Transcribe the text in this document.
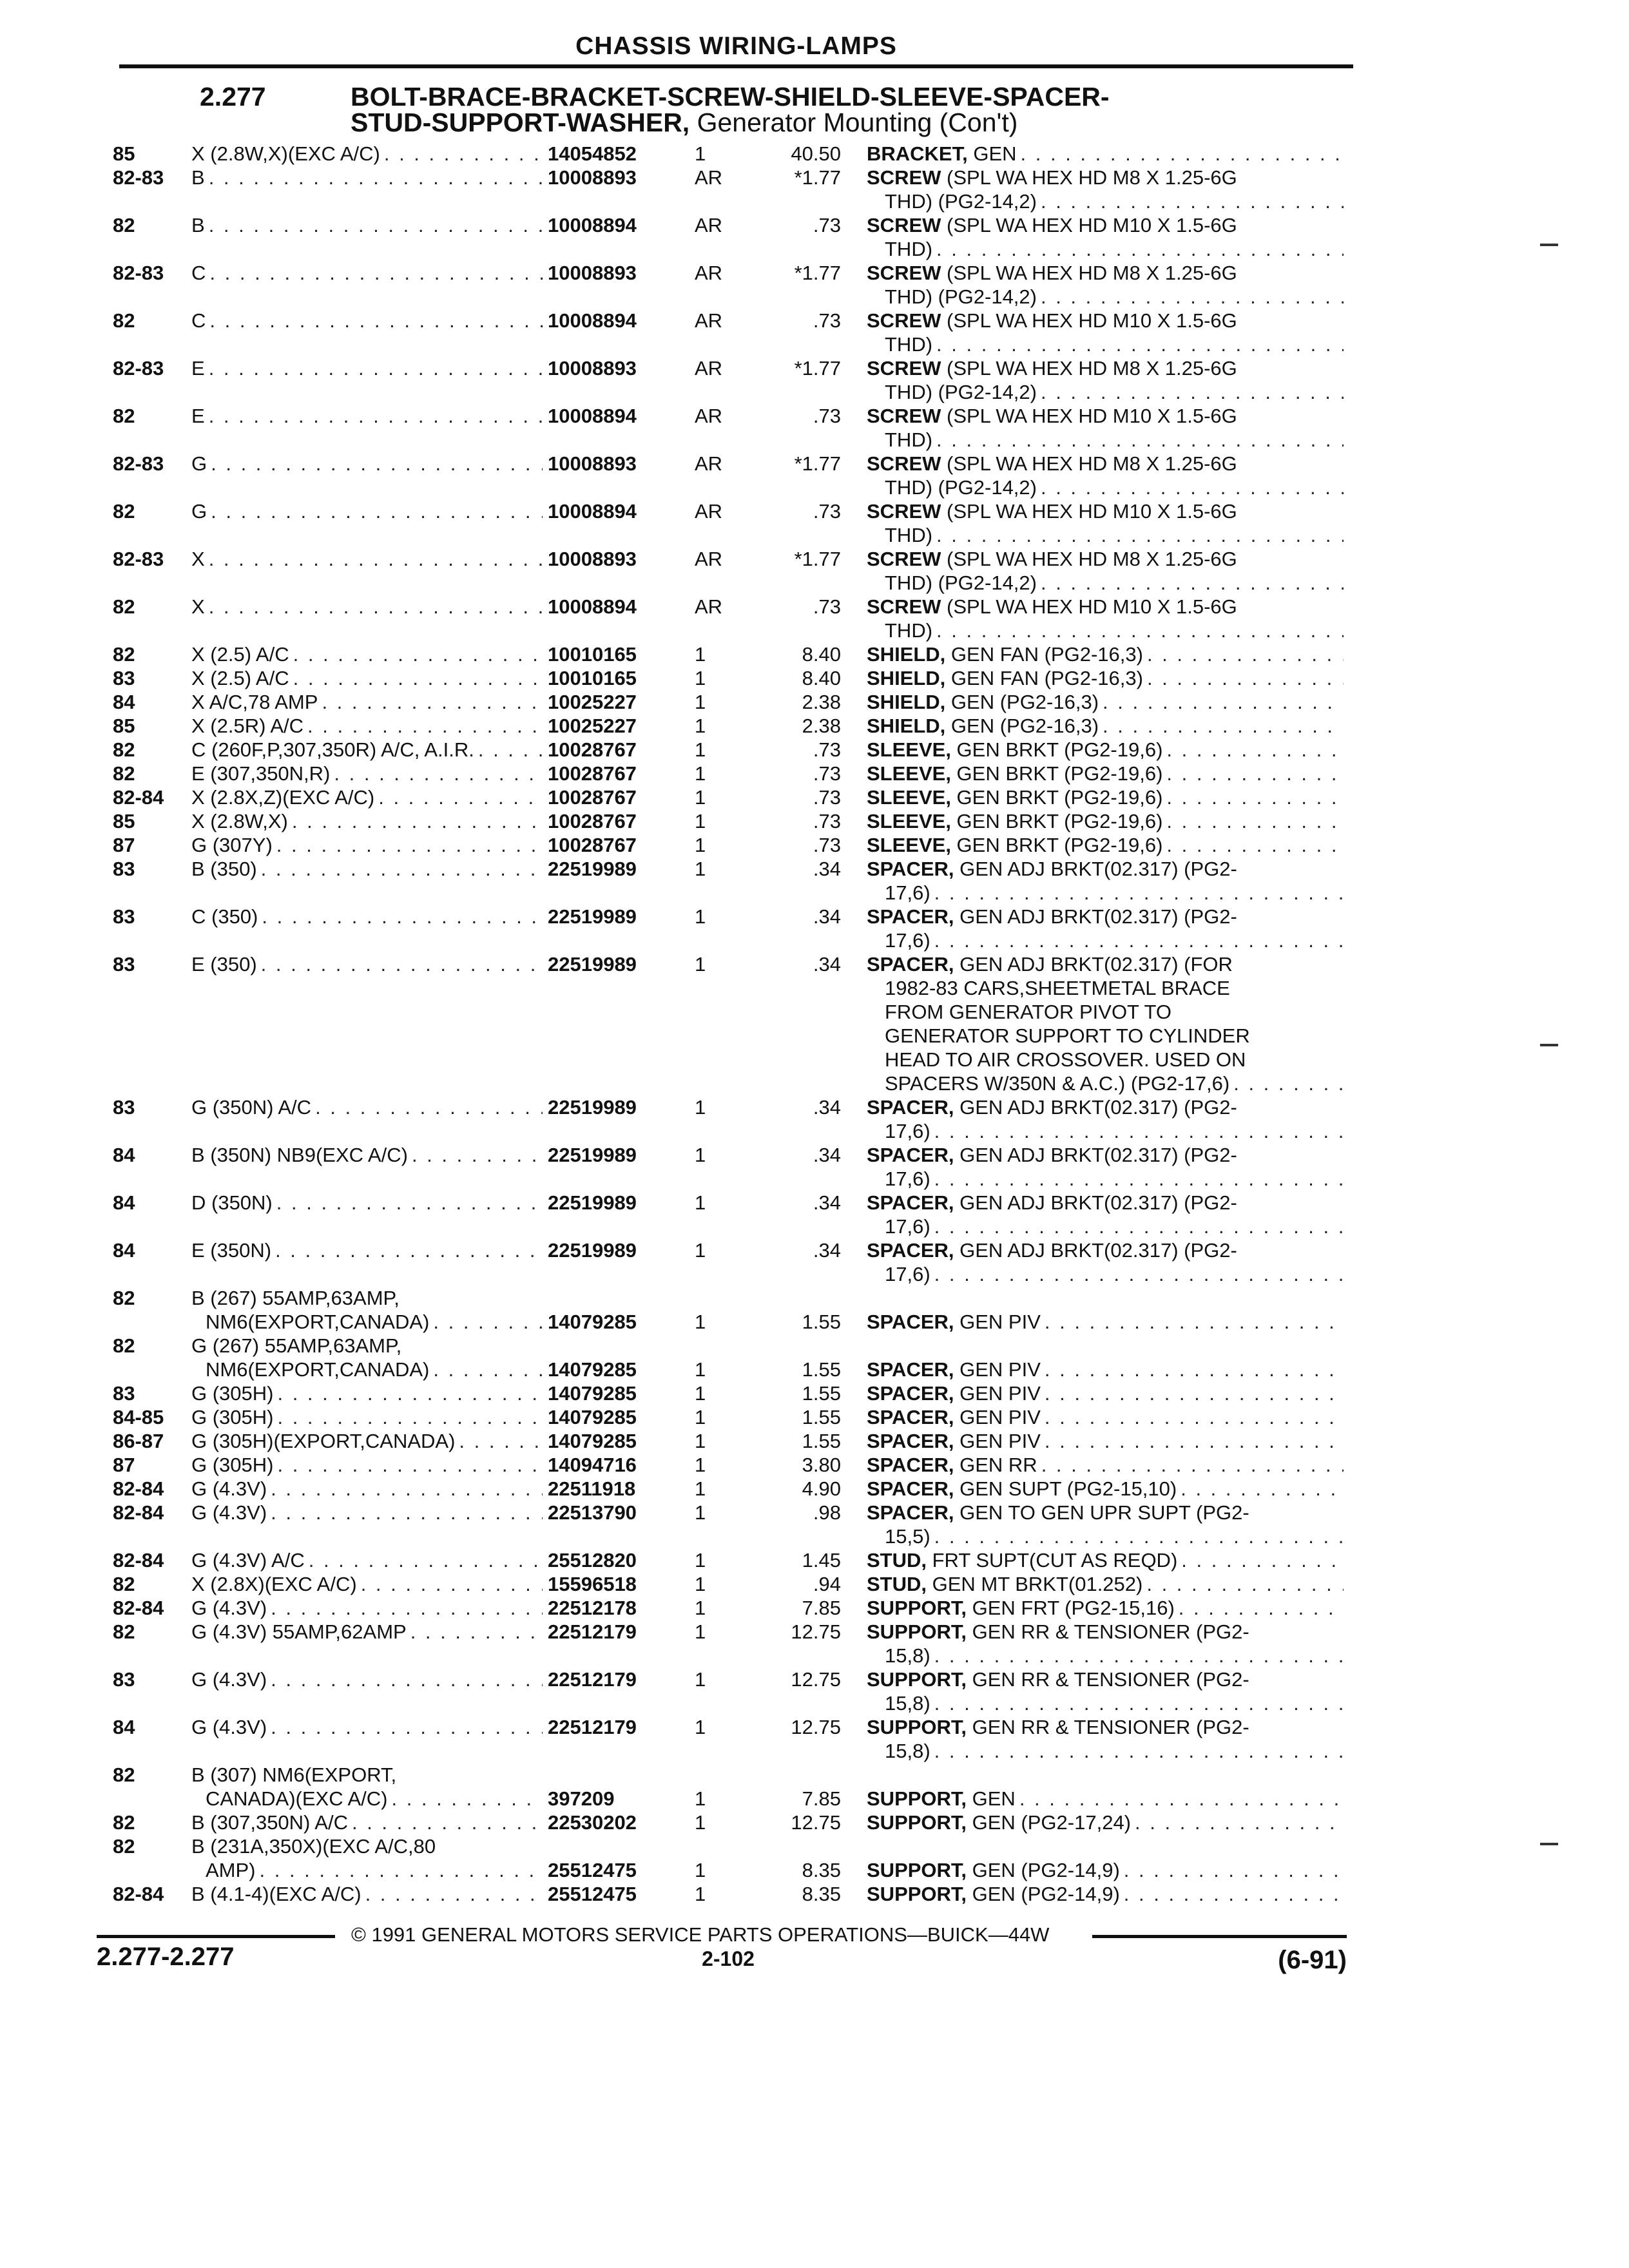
CHASSIS WIRING-LAMPS
2.277	BOLT-BRACE-BRACKET-SCREW-SHIELD-SLEEVE-SPACER-
STUD-SUPPORT-WASHER, Generator Mounting (Con't)
85	X (2.8W,X)(EXC A/C) . . .	14054852	1	40.50 BRACKET, GEN
. . .
82-83	B . . .	10008893	AR	*1.77 SCREW (SPL WA HEX HD M8 X 1.25-6G
THD) (PG2-14,2)
. . .
82	B . . .	10008894	AR	.73 SCREW (SPL WA HEX HD M10 X 1.5-6G
THD)
. . .
82-83	C . . .	10008893	AR	*1.77 SCREW (SPL WA HEX HD M8 X 1.25-6G
THD) (PG2-14,2)
. . .
82	C . . .	10008894	AR	.73 SCREW (SPL WA HEX HD M10 X 1.5-6G
THD)
. . .
82-83	E . . .	10008893	AR	*1.77 SCREW (SPL WA HEX HD M8 X 1.25-6G
THD) (PG2-14,2)
. . .
82	E . . .	10008894	AR	.73 SCREW (SPL WA HEX HD M10 X 1.5-6G
THD)
. . .
82-83	G . . .	10008893	AR	*1.77 SCREW (SPL WA HEX HD M8 X 1.25-6G
THD) (PG2-14,2)
. . .
82	G . . .	10008894	AR	.73 SCREW (SPL WA HEX HD M10 X 1.5-6G
THD)
. . .
82-83	X . . .	10008893	AR	*1.77 SCREW (SPL WA HEX HD M8 X 1.25-6G
THD) (PG2-14,2)
. . .
82	X . . .	10008894	AR	.73 SCREW (SPL WA HEX HD M10 X 1.5-6G
THD)
. . .
82	X (2.5) A/C . . .	10010165	1	8.40 SHIELD, GEN FAN (PG2-16,3)
. . .
83	X (2.5) A/C . . .	10010165	1	8.40 SHIELD, GEN FAN (PG2-16,3)
. . .
84	X A/C,78 AMP . . .	10025227	1	2.38 SHIELD, GEN (PG2-16,3)
. . .
85	X (2.5R) A/C . . .	10025227	1	2.38 SHIELD, GEN (PG2-16,3)
. . .
82	C (260F,P,307,350R) A/C, A.I.R. . . .	10028767	1	.73 SLEEVE, GEN BRKT (PG2-19,6)
. . .
82	E (307,350N,R) . . .	10028767	1	.73 SLEEVE, GEN BRKT (PG2-19,6)
. . .
82-84	X (2.8X,Z)(EXC A/C) . . .	10028767	1	.73 SLEEVE, GEN BRKT (PG2-19,6)
. . .
85	X (2.8W,X) . . .	10028767	1	.73 SLEEVE, GEN BRKT (PG2-19,6)
. . .
87	G (307Y) . . .	10028767	1	.73 SLEEVE, GEN BRKT (PG2-19,6)
. . .
83	B (350) . . .	22519989	1	.34 SPACER, GEN ADJ BRKT(02.317) (PG2-
17,6)
. . .
83	C (350) . . .	22519989	1	.34 SPACER, GEN ADJ BRKT(02.317) (PG2-
17,6)
. . .
83	E (350) . . .	22519989	1	.34 SPACER, GEN ADJ BRKT(02.317) (FOR
1982-83 CARS,SHEETMETAL BRACE
FROM GENERATOR PIVOT TO
GENERATOR SUPPORT TO CYLINDER
HEAD TO AIR CROSSOVER. USED ON
SPACERS W/350N & A.C.) (PG2-17,6)
. . .
83	G (350N) A/C . . .	22519989	1	.34 SPACER, GEN ADJ BRKT(02.317) (PG2-
17,6)
. . .
84	B (350N) NB9(EXC A/C) . . .	22519989	1	.34 SPACER, GEN ADJ BRKT(02.317) (PG2-
17,6)
. . .
84	D (350N) . . .	22519989	1	.34 SPACER, GEN ADJ BRKT(02.317) (PG2-
17,6)
. . .
84	E (350N) . . .	22519989	1	.34 SPACER, GEN ADJ BRKT(02.317) (PG2-
17,6)
. . .
82	B (267) 55AMP,63AMP,
NM6(EXPORT,CANADA) . . .	14079285	1	1.55 SPACER, GEN PIV
. . .
82	G (267) 55AMP,63AMP,
NM6(EXPORT,CANADA) . . .	14079285	1	1.55 SPACER, GEN PIV
. . .
83	G (305H) . . .	14079285	1	1.55 SPACER, GEN PIV
. . .
84-85	G (305H) . . .	14079285	1	1.55 SPACER, GEN PIV
. . .
86-87	G (305H)(EXPORT,CANADA) . . .	14079285	1	1.55 SPACER, GEN PIV
. . .
87	G (305H) . . .	14094716	1	3.80 SPACER, GEN RR
. . .
82-84	G (4.3V) . . .	22511918	1	4.90 SPACER, GEN SUPT (PG2-15,10)
. . .
82-84	G (4.3V) . . .	22513790	1	.98 SPACER, GEN TO GEN UPR SUPT (PG2-
15,5)
. . .
82-84	G (4.3V) A/C . . .	25512820	1	1.45 STUD, FRT SUPT(CUT AS REQD)
. . .
82	X (2.8X)(EXC A/C) . . .	15596518	1	.94 STUD, GEN MT BRKT(01.252)
. . .
82-84	G (4.3V) . . .	22512178	1	7.85 SUPPORT, GEN FRT (PG2-15,16)
. . .
82	G (4.3V) 55AMP,62AMP . . .	22512179	1	12.75 SUPPORT, GEN RR & TENSIONER (PG2-
15,8)
. . .
83	G (4.3V) . . .	22512179	1	12.75 SUPPORT, GEN RR & TENSIONER (PG2-
15,8)
. . .
84	G (4.3V) . . .	22512179	1	12.75 SUPPORT, GEN RR & TENSIONER (PG2-
15,8)
. . .
82	B (307) NM6(EXPORT,
CANADA)(EXC A/C) . . .	397209	1	7.85 SUPPORT, GEN
. . .
82	B (307,350N) A/C . . .	22530202	1	12.75 SUPPORT, GEN (PG2-17,24)
. . .
82	B (231A,350X)(EXC A/C,80
AMP) . . .	25512475	1	8.35 SUPPORT, GEN (PG2-14,9)
. . .
82-84	B (4.1-4)(EXC A/C) . . .	25512475	1	8.35 SUPPORT, GEN (PG2-14,9)
. . .
© 1991 GENERAL MOTORS SERVICE PARTS OPERATIONS—BUICK—44W
2.277-2.277	2-102	(6-91)
